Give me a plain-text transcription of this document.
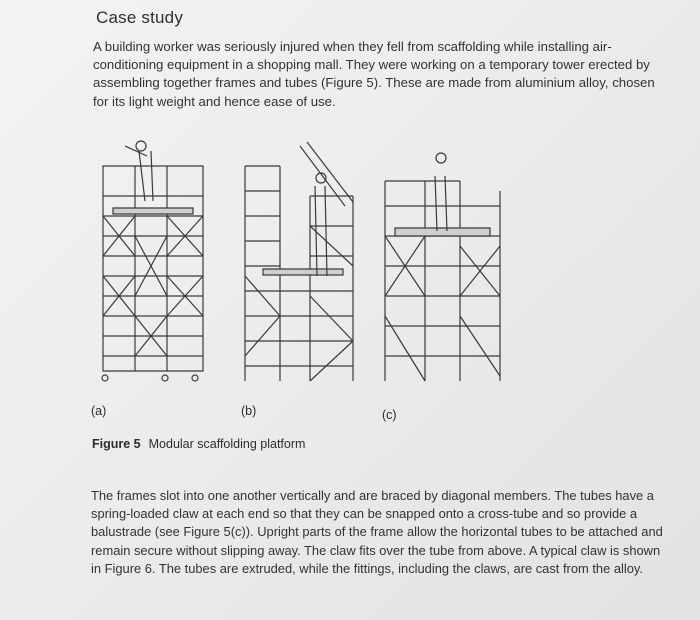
Case study
A building worker was seriously injured when they fell from scaffolding while installing air-conditioning equipment in a shopping mall. They were working on a temporary tower erected by assembling together frames and tubes (Figure 5). These are made from aluminium alloy, chosen for its light weight and hence ease of use.
(a)	(b)	(c)
Figure 5 Modular scaffolding platform
The frames slot into one another vertically and are braced by diagonal members. The tubes have a spring-loaded claw at each end so that they can be snapped onto a cross-tube and so provide a balustrade (see Figure 5(c)). Upright parts of the frame allow the horizontal tubes to be attached and remain secure without slipping away. The claw fits over the tube from above. A typical claw is shown in Figure 6. The tubes are extruded, while the fittings, including the claws, are cast from the alloy.
